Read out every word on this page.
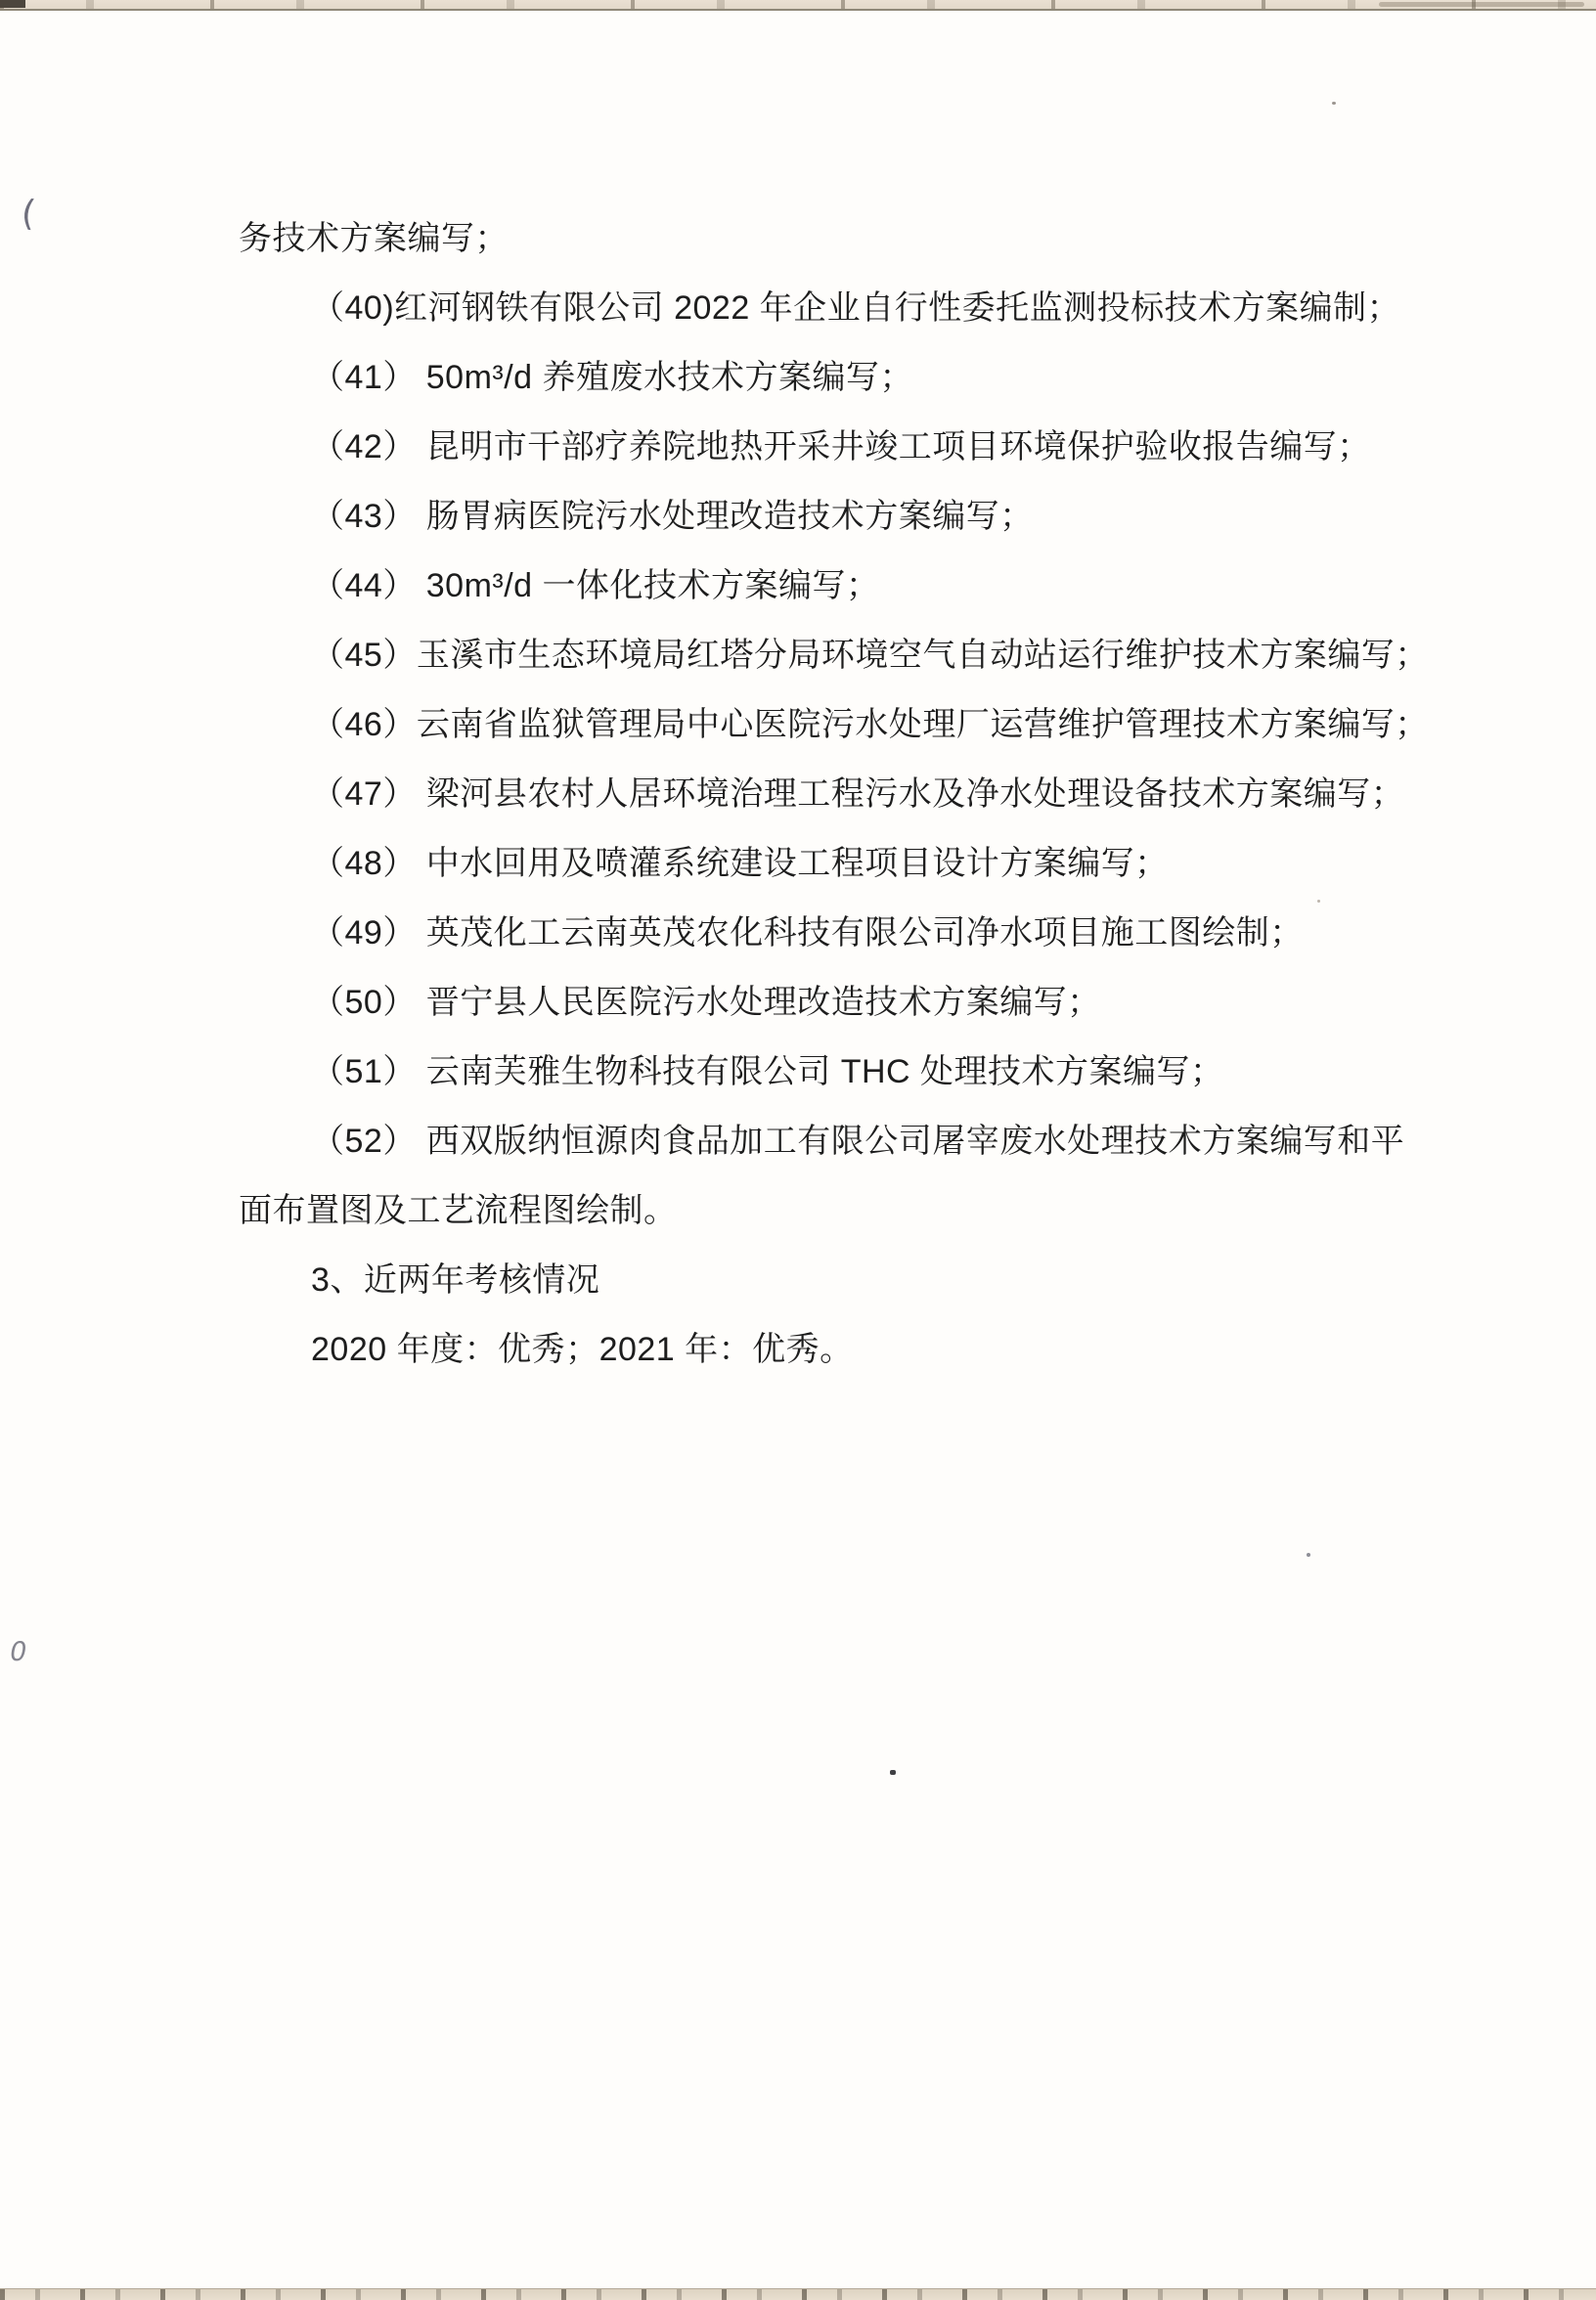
务技术方案编写；

（40)红河钢铁有限公司 2022 年企业自行性委托监测投标技术方案编制；

（41） 50m³/d 养殖废水技术方案编写；

（42） 昆明市干部疗养院地热开采井竣工项目环境保护验收报告编写；

（43） 肠胃病医院污水处理改造技术方案编写；

（44） 30m³/d 一体化技术方案编写；

（45）玉溪市生态环境局红塔分局环境空气自动站运行维护技术方案编写；

（46）云南省监狱管理局中心医院污水处理厂运营维护管理技术方案编写；

（47） 梁河县农村人居环境治理工程污水及净水处理设备技术方案编写；

（48） 中水回用及喷灌系统建设工程项目设计方案编写；

（49） 英茂化工云南英茂农化科技有限公司净水项目施工图绘制；

（50） 晋宁县人民医院污水处理改造技术方案编写；

（51） 云南芙雅生物科技有限公司 THC 处理技术方案编写；

（52） 西双版纳恒源肉食品加工有限公司屠宰废水处理技术方案编写和平

面布置图及工艺流程图绘制。

3、近两年考核情况

2020 年度：优秀；2021 年：优秀。

(
0
